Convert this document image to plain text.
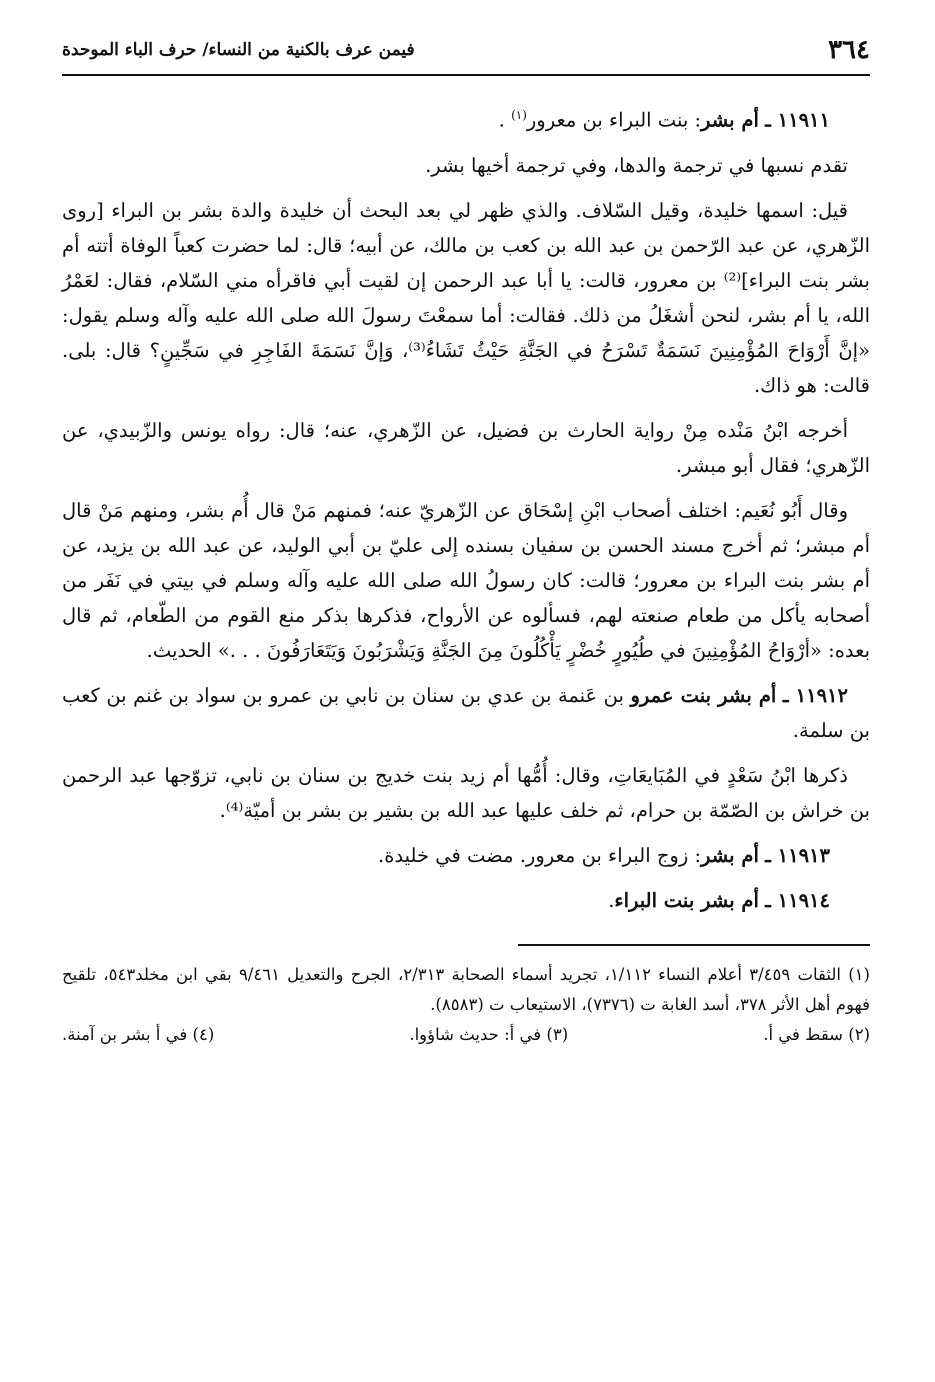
٣٦٤
فيمن عرف بالكنية من النساء/ حرف الباء الموحدة

١١٩١١ ـ أم بشر: بنت البراء بن معرور$^{(١)}$ .

تقدم نسبها في ترجمة والدها، وفي ترجمة أخيها بشر.

قيل: اسمها خليدة، وقيل السّلاف. والذي ظهر لي بعد البحث أن خليدة والدة بشر بن البراء [روى الزّهري، عن عبد الرّحمن بن عبد الله بن كعب بن مالك، عن أبيه؛ قال: لما حضرت كعباً الوفاة أتته أم بشر بنت البراء]⁽²⁾ بن معرور، قالت: يا أبا عبد الرحمن إن لقيت أبي فاقرأه مني السّلام، فقال: لعَمْرُ الله، يا أم بشر، لنحن أشغَلُ من ذلك. فقالت: أما سمعْتَ رسولَ الله صلى الله عليه وآله وسلم يقول: «إنَّ أَرْوَاحَ المُؤْمِنِينَ نَسَمَةٌ تَسْرَحُ في الجَنَّةِ حَيْثُ تَشَاءُ⁽³⁾، وَإنَّ نَسَمَةَ الفَاجِرِ في سَجِّينٍ؟ قال: بلى. قالت: هو ذاك.

أخرجه ابْنُ مَنْده مِنْ رواية الحارث بن فضيل، عن الزّهري، عنه؛ قال: رواه يونس والزّبيدي، عن الزّهري؛ فقال أبو مبشر.

وقال أَبُو نُعَيم: اختلف أصحاب ابْنِ إسْحَاق عن الزّهريّ عنه؛ فمنهم مَنْ قال أُم بشر، ومنهم مَنْ قال أم مبشر؛ ثم أخرج مسند الحسن بن سفيان بسنده إلى عليّ بن أبي الوليد، عن عبد الله بن يزيد، عن أم بشر بنت البراء بن معرور؛ قالت: كان رسولُ الله صلى الله عليه وآله وسلم في بيتي في نَفَر من أصحابه يأكل من طعام صنعته لهم، فسألوه عن الأرواح، فذكرها بذكر منع القوم من الطّعام، ثم قال بعده: «أرْوَاحُ المُؤْمِنِينَ في طُيُورٍ خُضْرٍ يَأْكُلُونَ مِنَ الجَنَّةِ وَيَشْرَبُونَ وَيَتَعَارَفُونَ . . .» الحديث.

١١٩١٢ ـ أم بشر بنت عمرو بن عَنمة بن عدي بن سنان بن نابي بن عمرو بن سواد بن غنم بن كعب بن سلمة.

ذكرها ابْنُ سَعْدٍ في المُبَايعَاتِ، وقال: أُمُّها أم زيد بنت خديج بن سنان بن نابي، تزوّجها عبد الرحمن بن خراش بن الصّمّة بن حرام، ثم خلف عليها عبد الله بن بشير بن بشر بن أميّة⁽⁴⁾.

١١٩١٣ ـ أم بشر: زوج البراء بن معرور. مضت في خليدة.

١١٩١٤ ـ أم بشر بنت البراء.

(١) الثقات ٣/٤٥٩ أعلام النساء ١/١١٢، تجريد أسماء الصحابة ٢/٣١٣، الجرح والتعديل ٩/٤٦١ بقي ابن مخلد٥٤٣، تلقيح فهوم أهل الأثر ٣٧٨، أسد الغابة ت (٧٣٧٦)، الاستيعاب ت (٨٥٨٣).

(٢) سقط في أ.
(٣) في أ: حديث شاؤوا.
(٤) في أ بشر بن آمنة.
